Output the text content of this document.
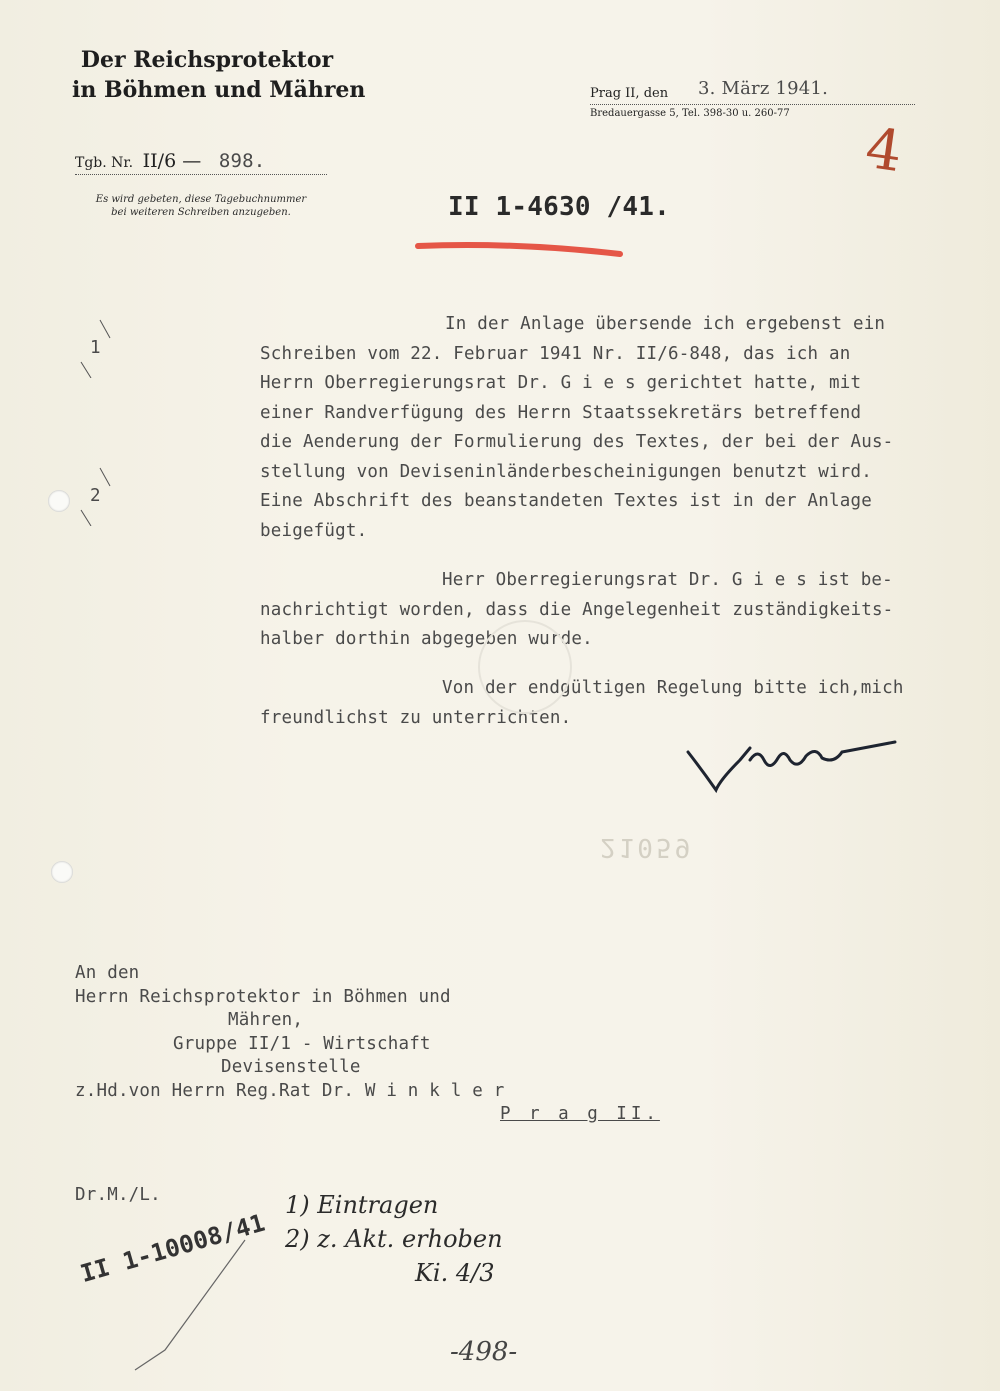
Der Reichsprotektor
in Böhmen und Mähren	Prag II, den 3. März 1941.
Bredauergasse 5, Tel. 398-30 u. 260-77
4
Tgb. Nr. II/6 — 898.
Es wird gebeten, diese Tagebuchnummer
bei weiteren Schreiben anzugeben.	II 1-4630 /41.
1
2
In der Anlage übersende ich ergebenst ein
Schreiben vom 22. Februar 1941 Nr. II/6-848, das ich an
Herrn Oberregierungsrat Dr. G i e s gerichtet hatte, mit
einer Randverfügung des Herrn Staatssekretärs betreffend
die Aenderung der Formulierung des Textes, der bei der Aus-
stellung von Deviseninländerbescheinigungen benutzt wird.
Eine Abschrift des beanstandeten Textes ist in der Anlage
beigefügt.
Herr Oberregierungsrat Dr. G i e s ist be-
nachrichtigt worden, dass die Angelegenheit zuständigkeits-
halber dorthin abgegeben wurde.
Von der endgültigen Regelung bitte ich,mich
freundlichst zu unterrichten.
21059
An den
Herrn Reichsprotektor in Böhmen und
Mähren,
Gruppe II/1 - Wirtschaft
Devisenstelle
z.Hd.von Herrn Reg.Rat Dr. W i n k l e r
P r a g II.
Dr.M./L.	1) Eintragen
2) z. Akt. erhoben
Ki. 4/3
II 1-10008/41
-498-
